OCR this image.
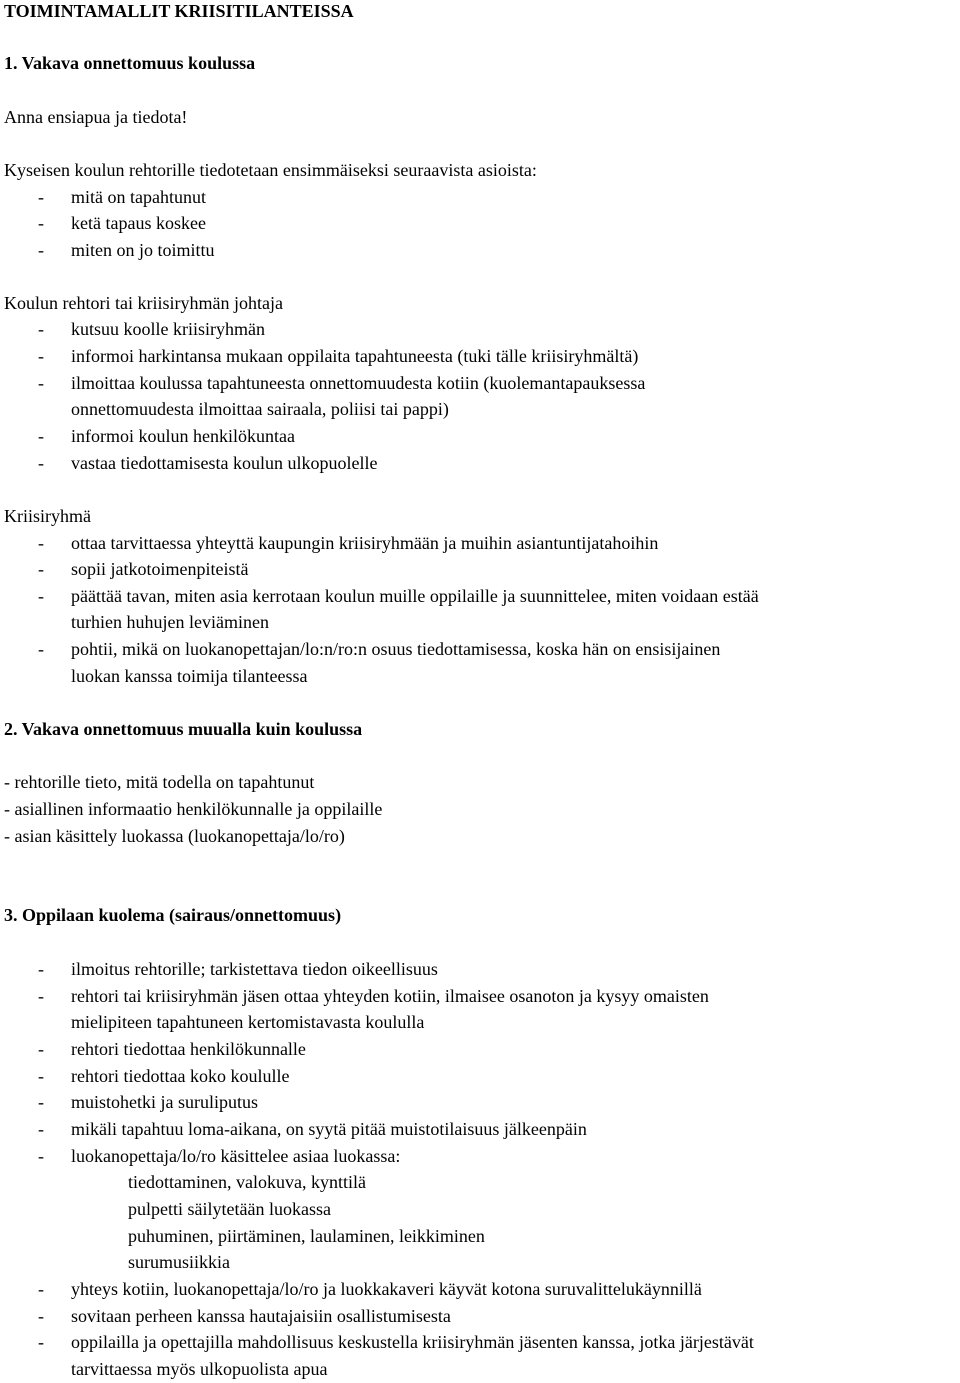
TOIMINTAMALLIT KRIISITILANTEISSA
1. Vakava onnettomuus koulussa
Anna ensiapua ja tiedota!
Kyseisen koulun rehtorille tiedotetaan ensimmäiseksi seuraavista asioista:
- mitä on tapahtunut
- ketä tapaus koskee
- miten on jo toimittu
Koulun rehtori tai kriisiryhmän johtaja
- kutsuu koolle kriisiryhmän
- informoi harkintansa mukaan oppilaita tapahtuneesta (tuki tälle kriisiryhmältä)
- ilmoittaa koulussa tapahtuneesta onnettomuudesta kotiin (kuolemantapauksessa
onnettomuudesta ilmoittaa sairaala, poliisi tai pappi)
- informoi koulun henkilökuntaa
- vastaa tiedottamisesta koulun ulkopuolelle
Kriisiryhmä
- ottaa tarvittaessa yhteyttä kaupungin kriisiryhmään ja muihin asiantuntijatahoihin
- sopii jatkotoimenpiteistä
- päättää tavan, miten asia kerrotaan koulun muille oppilaille ja suunnittelee, miten voidaan estää
turhien huhujen leviäminen
- pohtii, mikä on luokanopettajan/lo:n/ro:n osuus tiedottamisessa, koska hän on ensisijainen
luokan kanssa toimija tilanteessa
2. Vakava onnettomuus muualla kuin koulussa
- rehtorille tieto, mitä todella on tapahtunut
- asiallinen informaatio henkilökunnalle ja oppilaille
- asian käsittely luokassa (luokanopettaja/lo/ro)
3. Oppilaan kuolema (sairaus/onnettomuus)
- ilmoitus rehtorille; tarkistettava tiedon oikeellisuus
- rehtori tai kriisiryhmän jäsen ottaa yhteyden kotiin, ilmaisee osanoton ja kysyy omaisten
mielipiteen tapahtuneen kertomistavasta koululla
- rehtori tiedottaa henkilökunnalle
- rehtori tiedottaa koko koululle
- muistohetki ja suruliputus
- mikäli tapahtuu loma-aikana, on syytä pitää muistotilaisuus jälkeenpäin
- luokanopettaja/lo/ro käsittelee asiaa luokassa:
tiedottaminen, valokuva, kynttilä
pulpetti säilytetään luokassa
puhuminen, piirtäminen, laulaminen, leikkiminen
surumusiikkia
- yhteys kotiin, luokanopettaja/lo/ro ja luokkakaveri käyvät kotona suruvalittelukäynnillä
- sovitaan perheen kanssa hautajaisiin osallistumisesta
- oppilailla ja opettajilla mahdollisuus keskustella kriisiryhmän jäsenten kanssa, jotka järjestävät
tarvittaessa myös ulkopuolista apua
